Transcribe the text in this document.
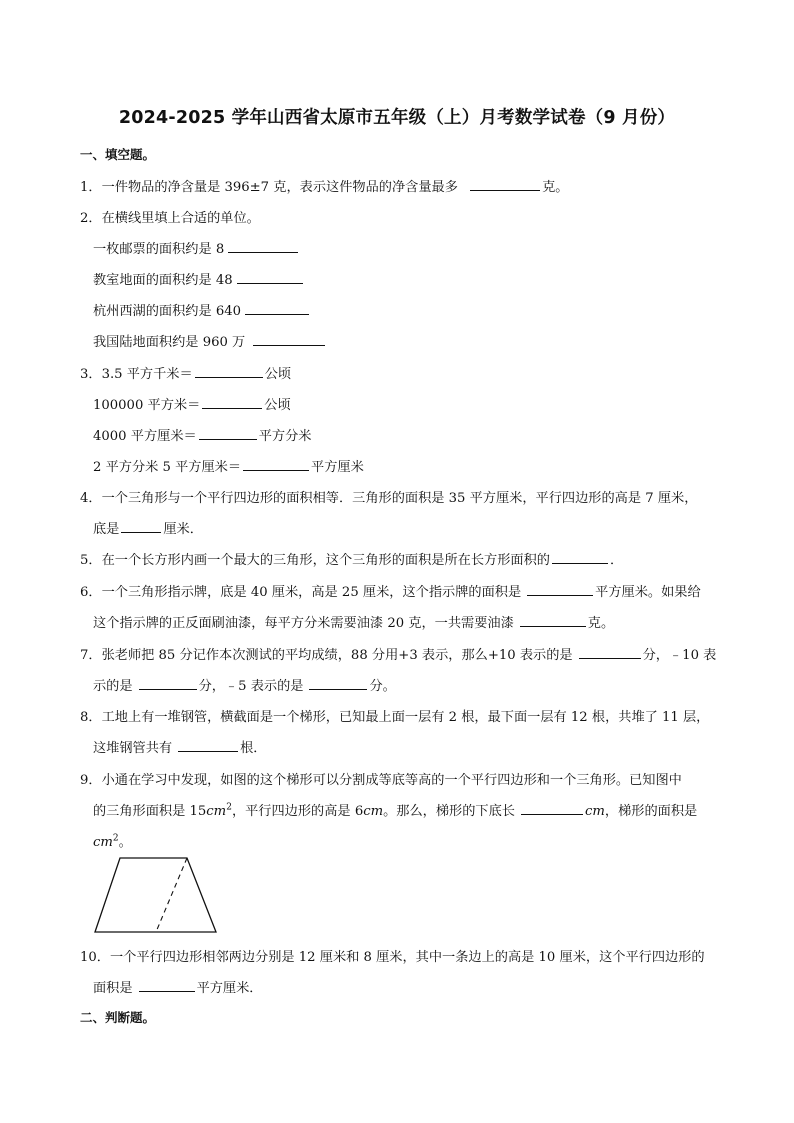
2024-2025 学年山西省太原市五年级（上）月考数学试卷（9 月份）
一、填空题。
1．一件物品的净含量是 396±7 克，表示这件物品的净含量最多	克。
2．在横线里填上合适的单位。
一枚邮票的面积约是 8
教室地面的面积约是 48
杭州西湖的面积约是 640
我国陆地面积约是 960 万
3．3.5 平方千米＝	公顷
100000 平方米＝	公顷
4000 平方厘米＝	平方分米
2 平方分米 5 平方厘米＝	平方厘米
4．一个三角形与一个平行四边形的面积相等．三角形的面积是 35 平方厘米，平行四边形的高是 7 厘米，
底是	厘米．
5．在一个长方形内画一个最大的三角形，这个三角形的面积是所在长方形面积的	．
6．一个三角形指示牌，底是 40 厘米，高是 25 厘米，这个指示牌的面积是	平方厘米。如果给
这个指示牌的正反面刷油漆，每平方分米需要油漆 20 克，一共需要油漆	克。
7．张老师把 85 分记作本次测试的平均成绩，88 分用+3 表示，那么+10 表示的是	分，﹣10 表
示的是	分，﹣5 表示的是	分。
8．工地上有一堆钢管，横截面是一个梯形，已知最上面一层有 2 根，最下面一层有 12 根，共堆了 11 层，
这堆钢管共有	根．
9．小通在学习中发现，如图的这个梯形可以分割成等底等高的一个平行四边形和一个三角形。已知图中
的三角形面积是 $15cm^2$，平行四边形的高是 6cm。那么，梯形的下底长	cm，梯形的面积是
$cm^2$。
10．一个平行四边形相邻两边分别是 12 厘米和 8 厘米，其中一条边上的高是 10 厘米，这个平行四边形的
面积是	平方厘米．
二、判断题。
